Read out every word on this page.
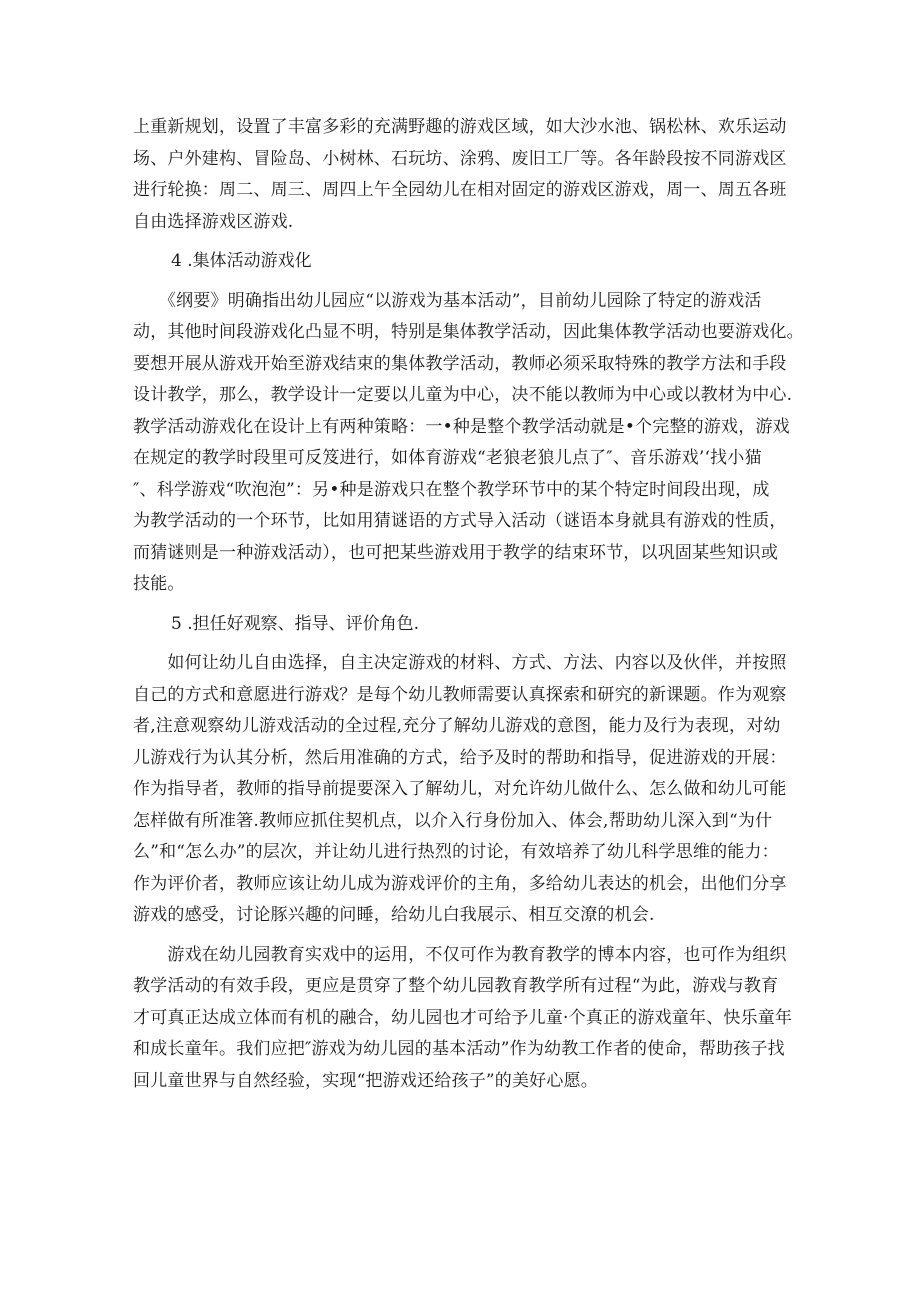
上重新规划，设置了丰富多彩的充满野趣的游戏区域，如大沙水池、锅松林、欢乐运动
场、户外建构、冒险岛、小树林、石玩坊、涂鸦、废旧工厂等。各年龄段按不同游戏区
进行轮换：周二、周三、周四上午全园幼儿在相对固定的游戏区游戏，周一、周五各班
自由选择游戏区游戏.

4 .集体活动游戏化

　　《纲要》明确指出幼儿园应“以游戏为基本活动”，目前幼儿园除了特定的游戏活
动，其他时间段游戏化凸显不明，特别是集体教学活动，因此集体教学活动也要游戏化。
要想开展从游戏开始至游戏结束的集体教学活动，教师必须采取特殊的教学方法和手段
设计教学，那么，教学设计一定要以儿童为中心，决不能以教师为中心或以教材为中心.
教学活动游戏化在设计上有两种策略：一•种是整个教学活动就是•个完整的游戏，游戏
在规定的教学时段里可反笈进行，如体育游戏“老狼老狼儿点了″、音乐游戏’‘找小猫
″、科学游戏“吹泡泡”：另•种是游戏只在整个教学环节中的某个特定时间段出现，成
为教学活动的一个环节，比如用猜谜语的方式导入活动（谜语本身就具有游戏的性质，
而猜谜则是一种游戏活动），也可把某些游戏用于教学的结束环节，以巩固某些知识或
技能。

5 .担任好观察、指导、评价角色.

　　如何让幼儿自由选择，自主决定游戏的材料、方式、方法、内容以及伙伴，并按照
自己的方式和意愿进行游戏？是每个幼儿教师需要认真探索和研究的新课题。作为观察
者,注意观察幼儿游戏活动的全过程,充分了解幼儿游戏的意图，能力及行为表现，对幼
儿游戏行为认其分析，然后用准确的方式，给予及时的帮助和指导，促进游戏的开展：
作为指导者，教师的指导前提要深入了解幼儿，对允许幼儿做什么、怎么做和幼儿可能
怎样做有所准箸.教师应抓住契机点，以介入行身份加入、体会,帮助幼儿深入到“为什
么”和“怎么办”的层次，并让幼儿进行热烈的讨论，有效培养了幼儿科学思维的能力：
作为评价者，教师应该让幼儿成为游戏评价的主角，多给幼儿表达的机会，出他们分享
游戏的感受，讨论豚兴趣的问睡，给幼儿白我展示、相互交潦的机会.

　　游戏在幼儿园教育实戏中的运用，不仅可作为教育教学的博本内容，也可作为组织
教学活动的有效手段，更应是贯穿了整个幼儿园教育教学所有过程“为此，游戏与教育
才可真正达成立体而有机的融合，幼儿园也才可给予儿童·个真正的游戏童年、快乐童年
和成长童年。我们应把″游戏为幼儿园的基本活动”作为幼教工作者的使命，帮助孩子找
回儿童世界与自然经验，实现“把游戏还给孩子”的美好心愿。
